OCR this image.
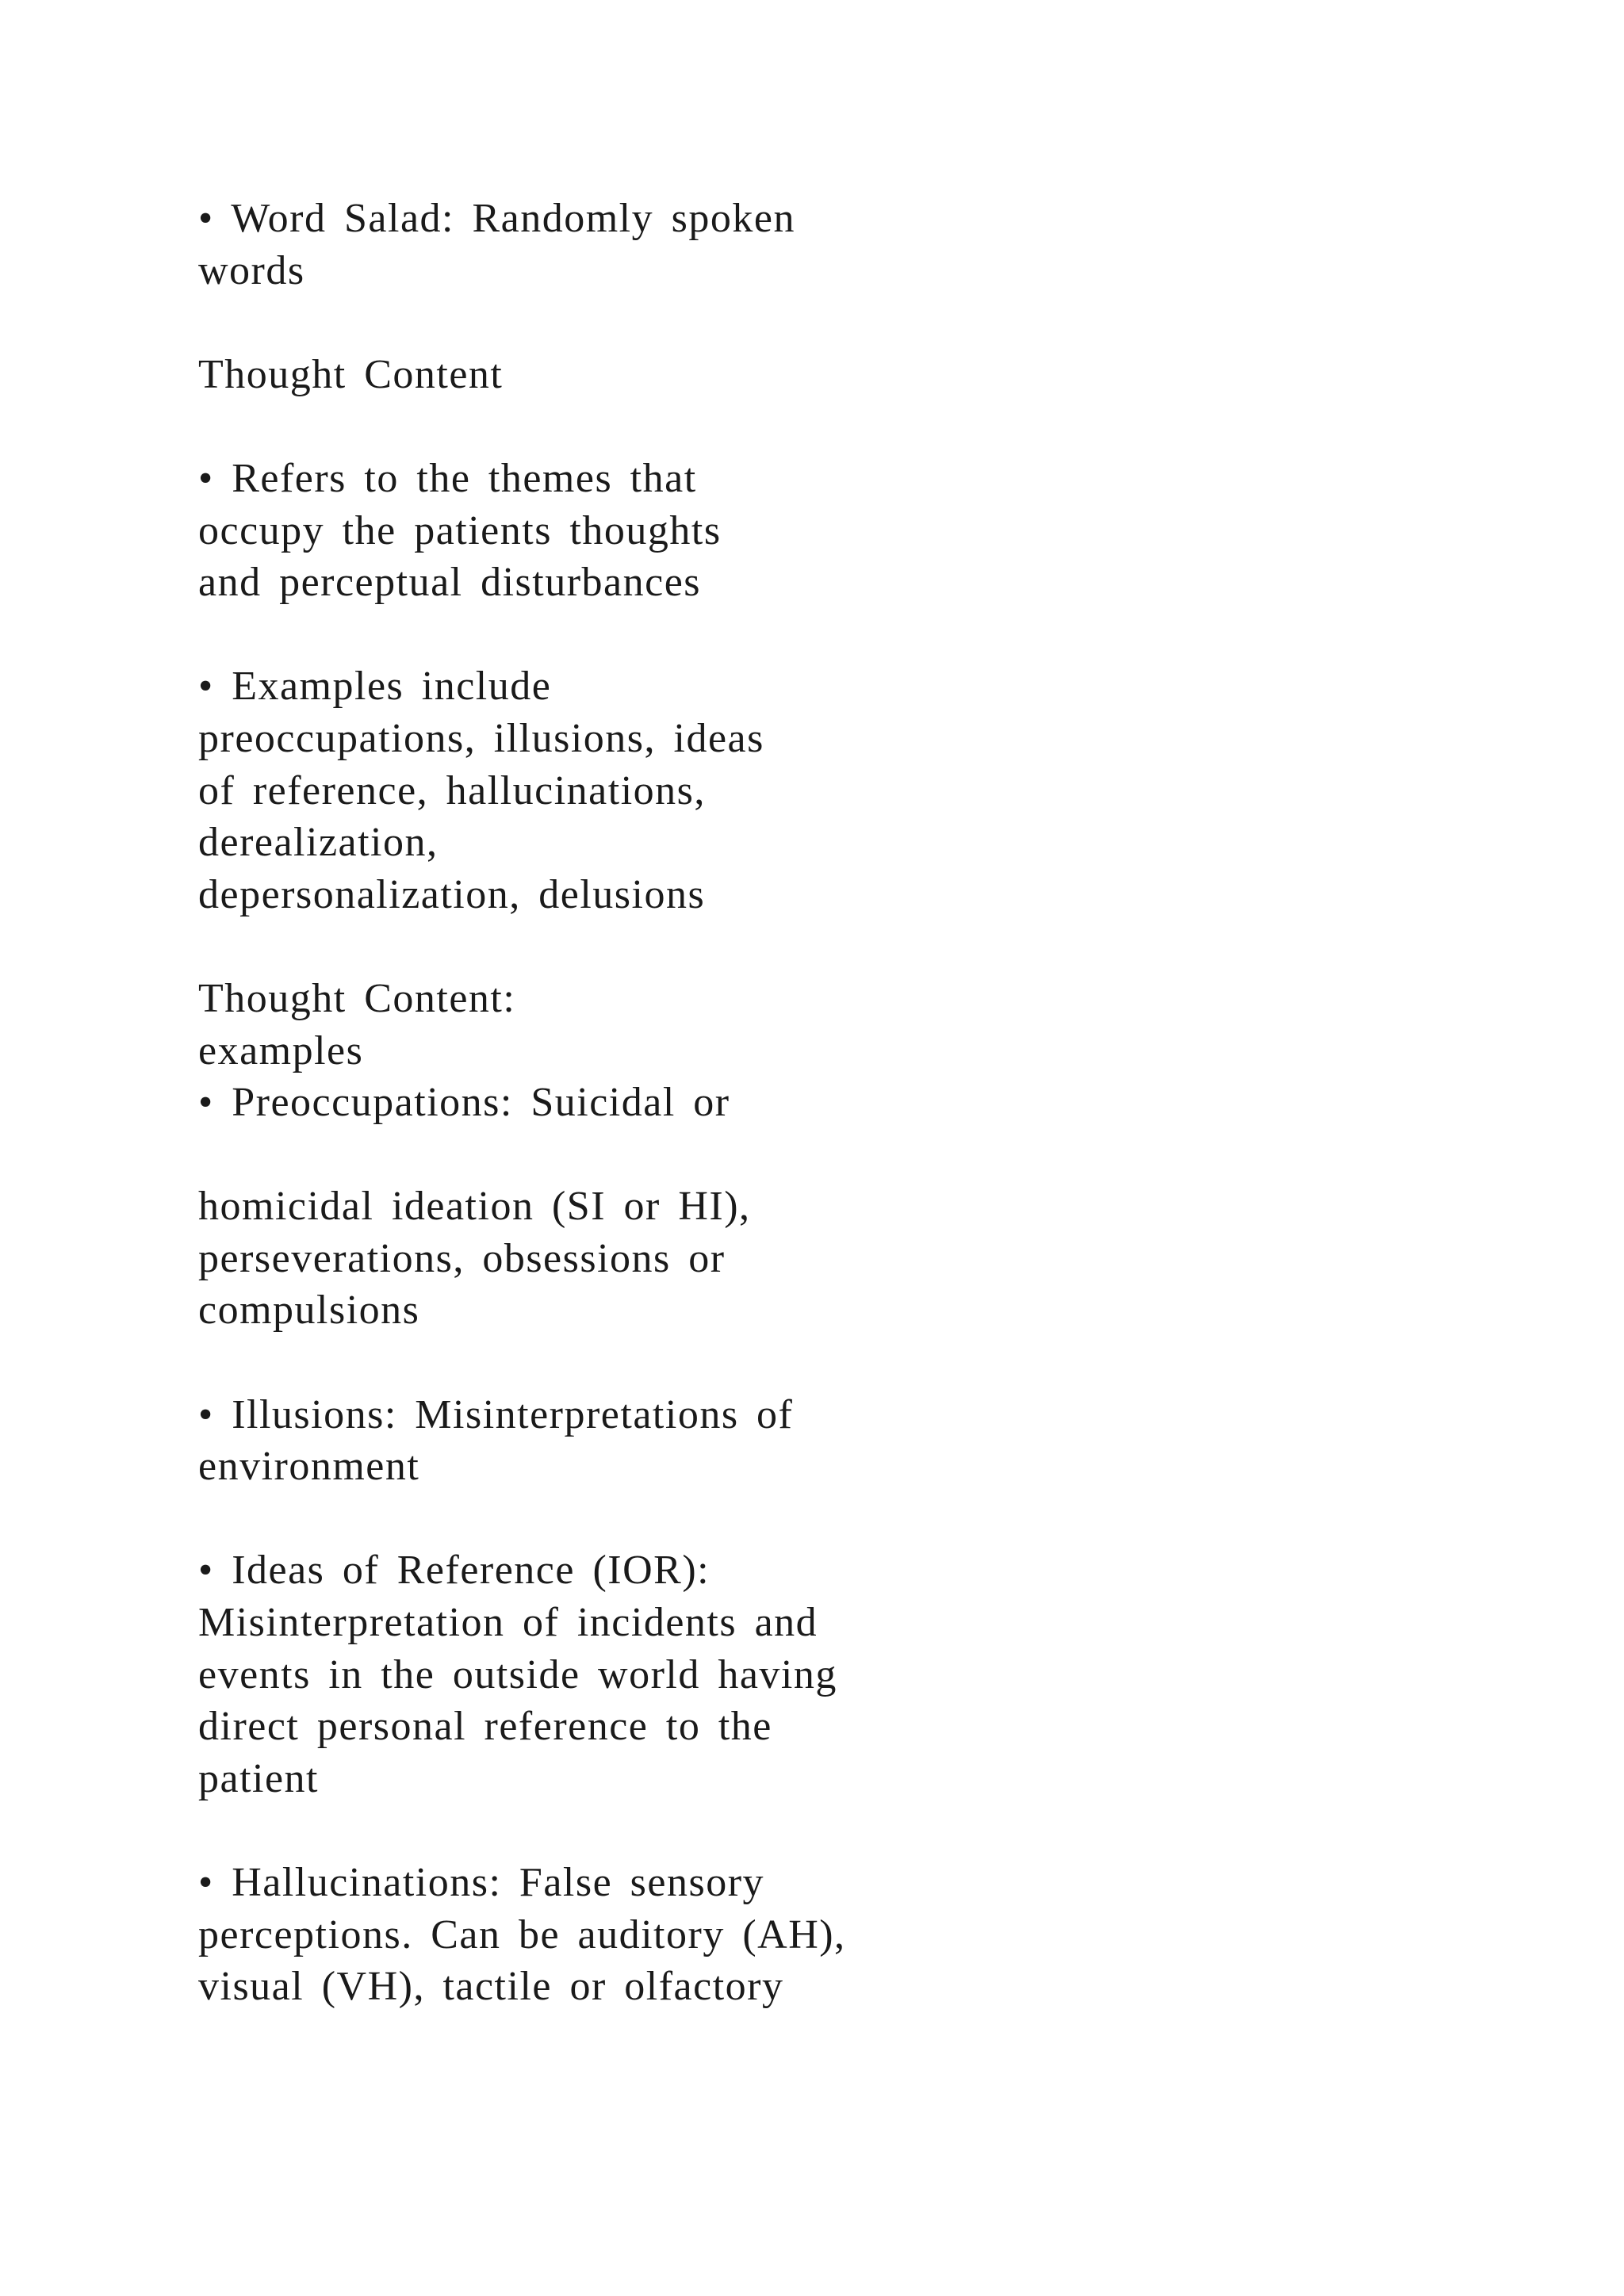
• Word Salad: Randomly spoken
words
Thought Content
• Refers to the themes that
occupy the patients thoughts
and perceptual disturbances
• Examples include
preoccupations, illusions, ideas
of reference, hallucinations,
derealization,
depersonalization, delusions
Thought Content:
examples
• Preoccupations: Suicidal or
homicidal ideation (SI or HI),
perseverations, obsessions or
compulsions
• Illusions: Misinterpretations of
environment
• Ideas of Reference (IOR):
Misinterpretation of incidents and
events in the outside world having
direct personal reference to the
patient
• Hallucinations: False sensory
perceptions. Can be auditory (AH),
visual (VH), tactile or olfactory
